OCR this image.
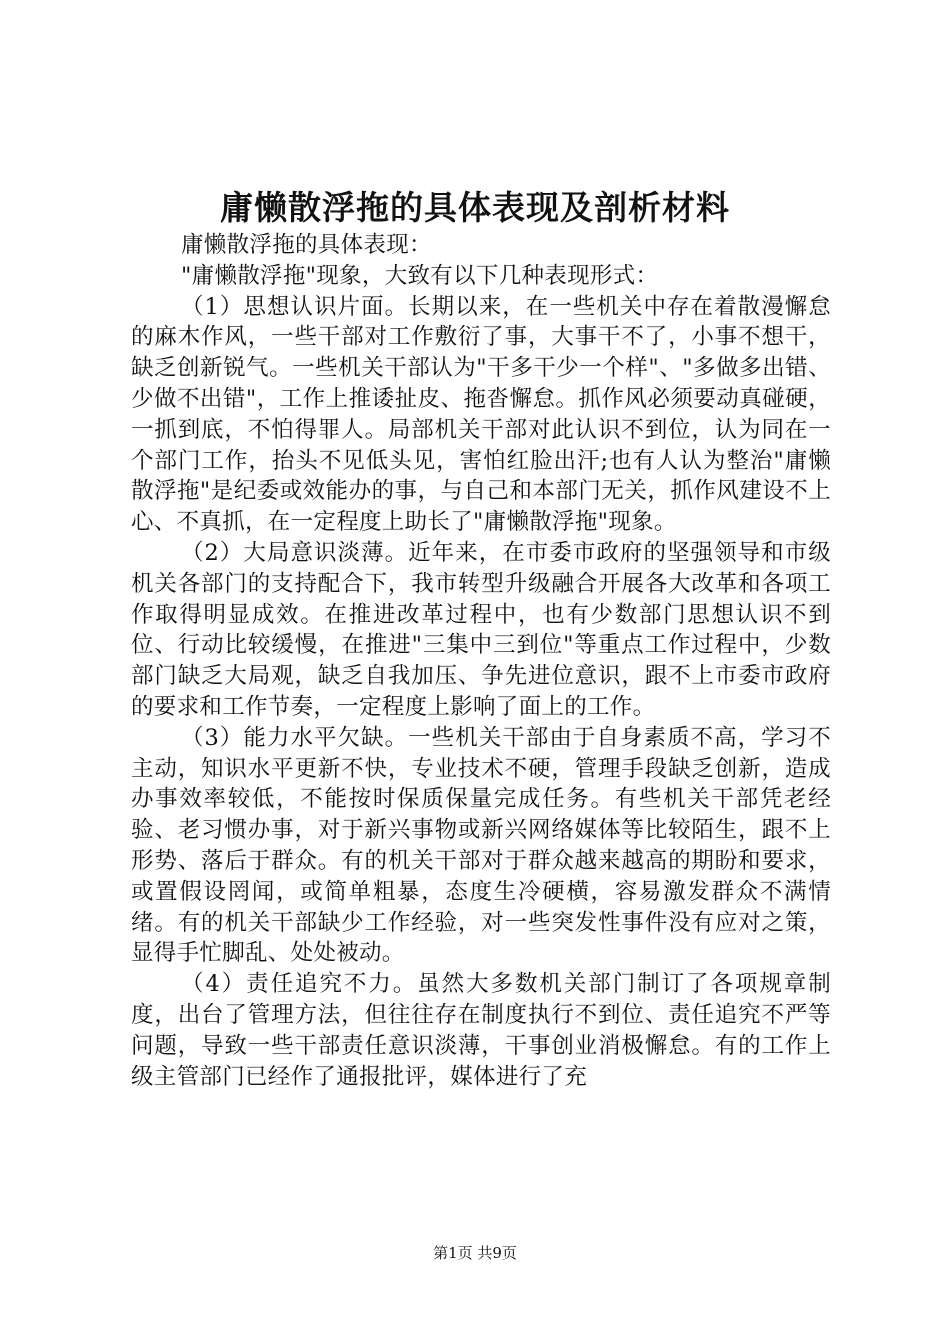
庸懒散浮拖的具体表现及剖析材料

庸懒散浮拖的具体表现：

"庸懒散浮拖"现象，大致有以下几种表现形式：

（1）思想认识片面。长期以来，在一些机关中存在着散漫懈怠的麻木作风，一些干部对工作敷衍了事，大事干不了，小事不想干，缺乏创新锐气。一些机关干部认为"干多干少一个样"、"多做多出错、少做不出错"，工作上推诿扯皮、拖沓懈怠。抓作风必须要动真碰硬，一抓到底，不怕得罪人。局部机关干部对此认识不到位，认为同在一个部门工作，抬头不见低头见，害怕红脸出汗;也有人认为整治"庸懒散浮拖"是纪委或效能办的事，与自己和本部门无关，抓作风建设不上心、不真抓，在一定程度上助长了"庸懒散浮拖"现象。

（2）大局意识淡薄。近年来，在市委市政府的坚强领导和市级机关各部门的支持配合下，我市转型升级融合开展各大改革和各项工作取得明显成效。在推进改革过程中，也有少数部门思想认识不到位、行动比较缓慢，在推进"三集中三到位"等重点工作过程中，少数部门缺乏大局观，缺乏自我加压、争先进位意识，跟不上市委市政府的要求和工作节奏，一定程度上影响了面上的工作。

（3）能力水平欠缺。一些机关干部由于自身素质不高，学习不主动，知识水平更新不快，专业技术不硬，管理手段缺乏创新，造成办事效率较低，不能按时保质保量完成任务。有些机关干部凭老经验、老习惯办事，对于新兴事物或新兴网络媒体等比较陌生，跟不上形势、落后于群众。有的机关干部对于群众越来越高的期盼和要求，或置假设罔闻，或简单粗暴，态度生冷硬横，容易激发群众不满情绪。有的机关干部缺少工作经验，对一些突发性事件没有应对之策，显得手忙脚乱、处处被动。

（4）责任追究不力。虽然大多数机关部门制订了各项规章制度，出台了管理方法，但往往存在制度执行不到位、责任追究不严等问题，导致一些干部责任意识淡薄，干事创业消极懈怠。有的工作上级主管部门已经作了通报批评，媒体进行了充

第1页 共9页
